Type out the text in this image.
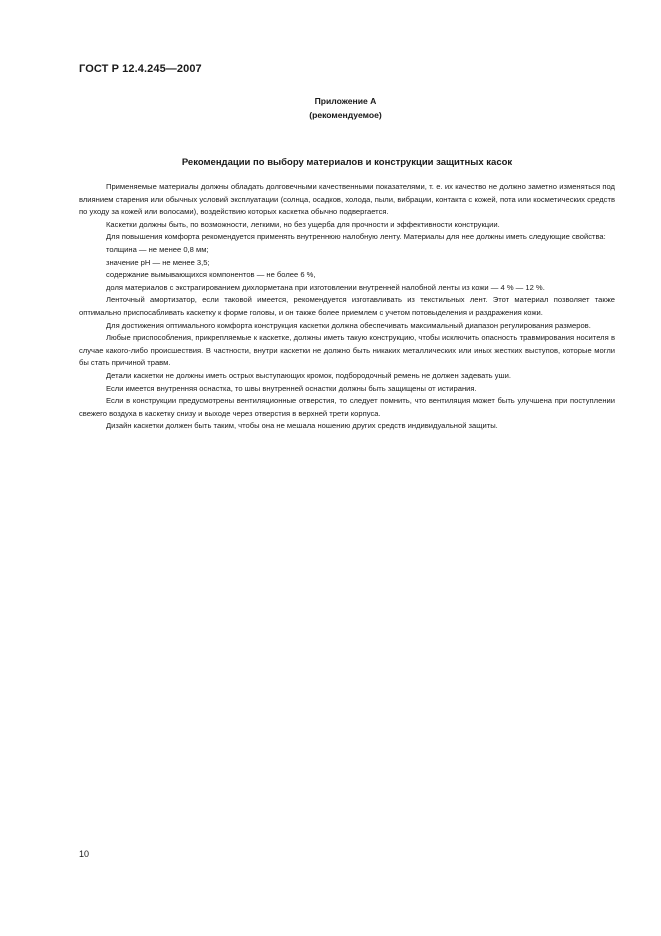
ГОСТ Р 12.4.245—2007
Приложение А
(рекомендуемое)
Рекомендации по выбору материалов и конструкции защитных касок

Применяемые материалы должны обладать долговечными качественными показателями, т. е. их качество не должно заметно изменяться под влиянием старения или обычных условий эксплуатации (солнца, осадков, холода, пыли, вибрации, контакта с кожей, пота или косметических средств по уходу за кожей или волосами), воздействию которых каскетка обычно подвергается.

Каскетки должны быть, по возможности, легкими, но без ущерба для прочности и эффективности конструкции.

Для повышения комфорта рекомендуется применять внутреннюю налобную ленту. Материалы для нее должны иметь следующие свойства:

толщина — не менее 0,8 мм;

значение pH — не менее 3,5;

содержание вымывающихся компонентов — не более 6 %,

доля материалов с экстрагированием дихлорметана при изготовлении внутренней налобной ленты из кожи — 4 % — 12 %.

Ленточный амортизатор, если таковой имеется, рекомендуется изготавливать из текстильных лент. Этот материал позволяет также оптимально приспосабливать каскетку к форме головы, и он также более приемлем с учетом потовыделения и раздражения кожи.

Для достижения оптимального комфорта конструкция каскетки должна обеспечивать максимальный диапазон регулирования размеров.

Любые приспособления, прикрепляемые к каскетке, должны иметь такую конструкцию, чтобы исключить опасность травмирования носителя в случае какого-либо происшествия. В частности, внутри каскетки не должно быть никаких металлических или иных жестких выступов, которые могли бы стать причиной травм.

Детали каскетки не должны иметь острых выступающих кромок, подбородочный ремень не должен задевать уши.

Если имеется внутренняя оснастка, то швы внутренней оснастки должны быть защищены от истирания.

Если в конструкции предусмотрены вентиляционные отверстия, то следует помнить, что вентиляция может быть улучшена при поступлении свежего воздуха в каскетку снизу и выходе через отверстия в верхней трети корпуса.

Дизайн каскетки должен быть таким, чтобы она не мешала ношению других средств индивидуальной защиты.

10
